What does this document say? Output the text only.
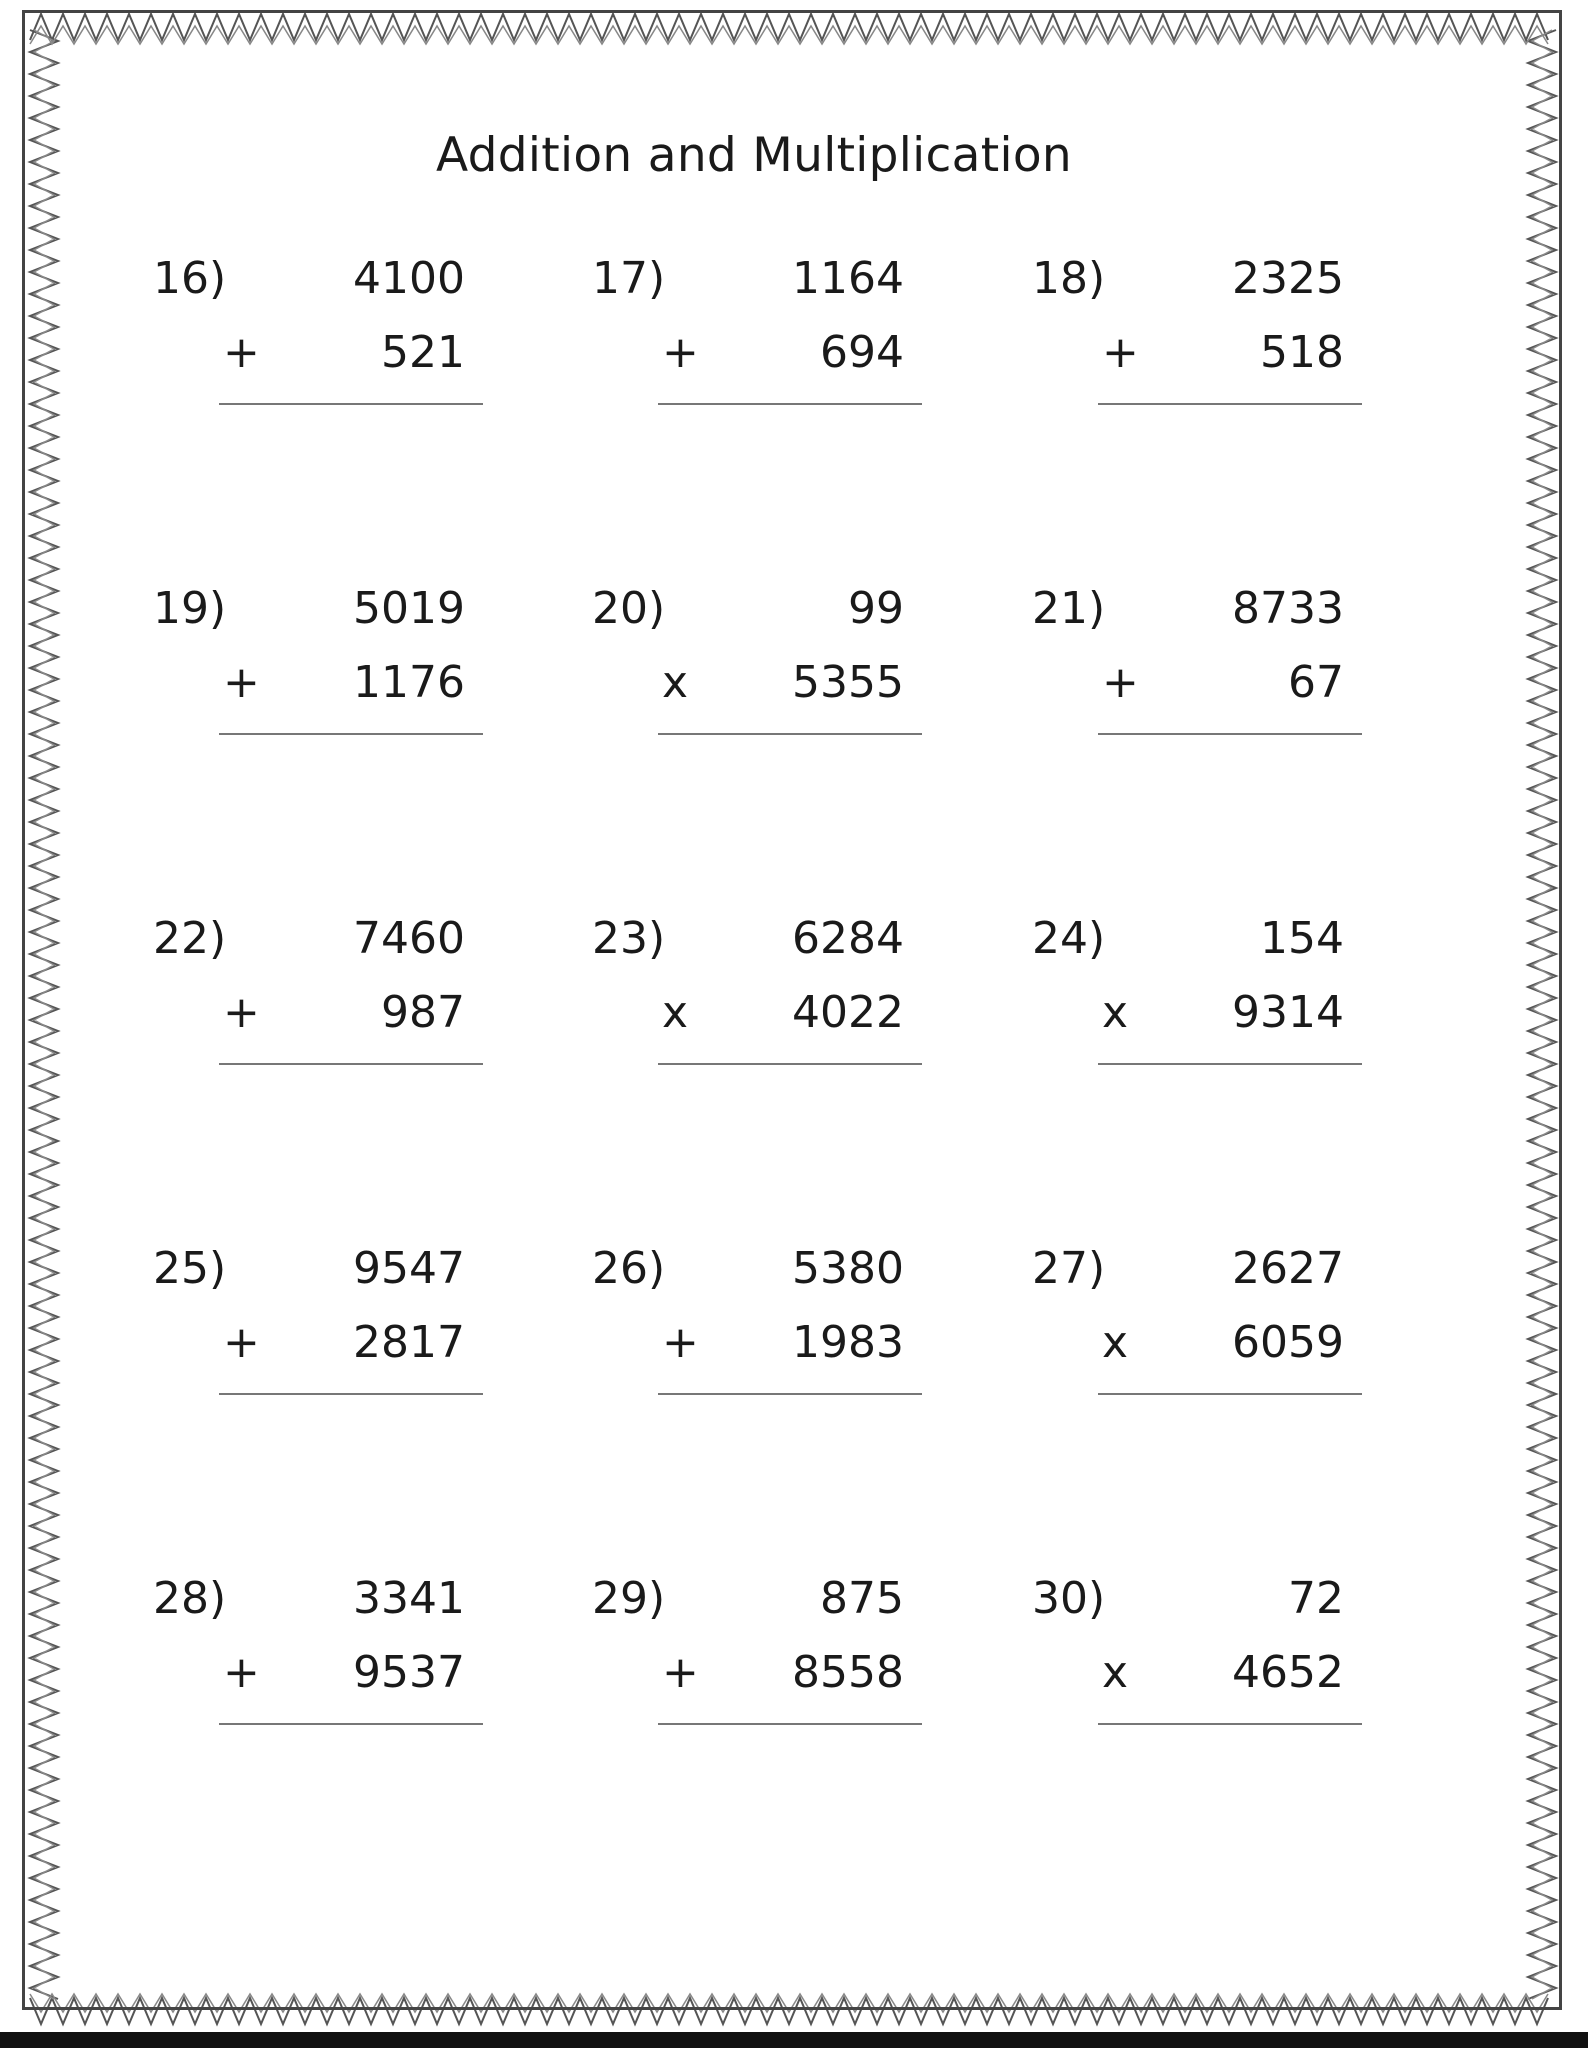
Addition and Multiplication
16)	4100
+	521
17)	1164
+	694
18)	2325
+	518
19)	5019
+ 1176
20)	99
x 5355
21)	8733
+	67
22)	7460
+	987
23)	6284
x 4022
24)	154
x 9314
25)	9547
+ 2817
26)	5380
+ 1983
27)	2627
x 6059
28)	3341
+ 9537
29)	875
+ 8558
30)	72
x 4652
